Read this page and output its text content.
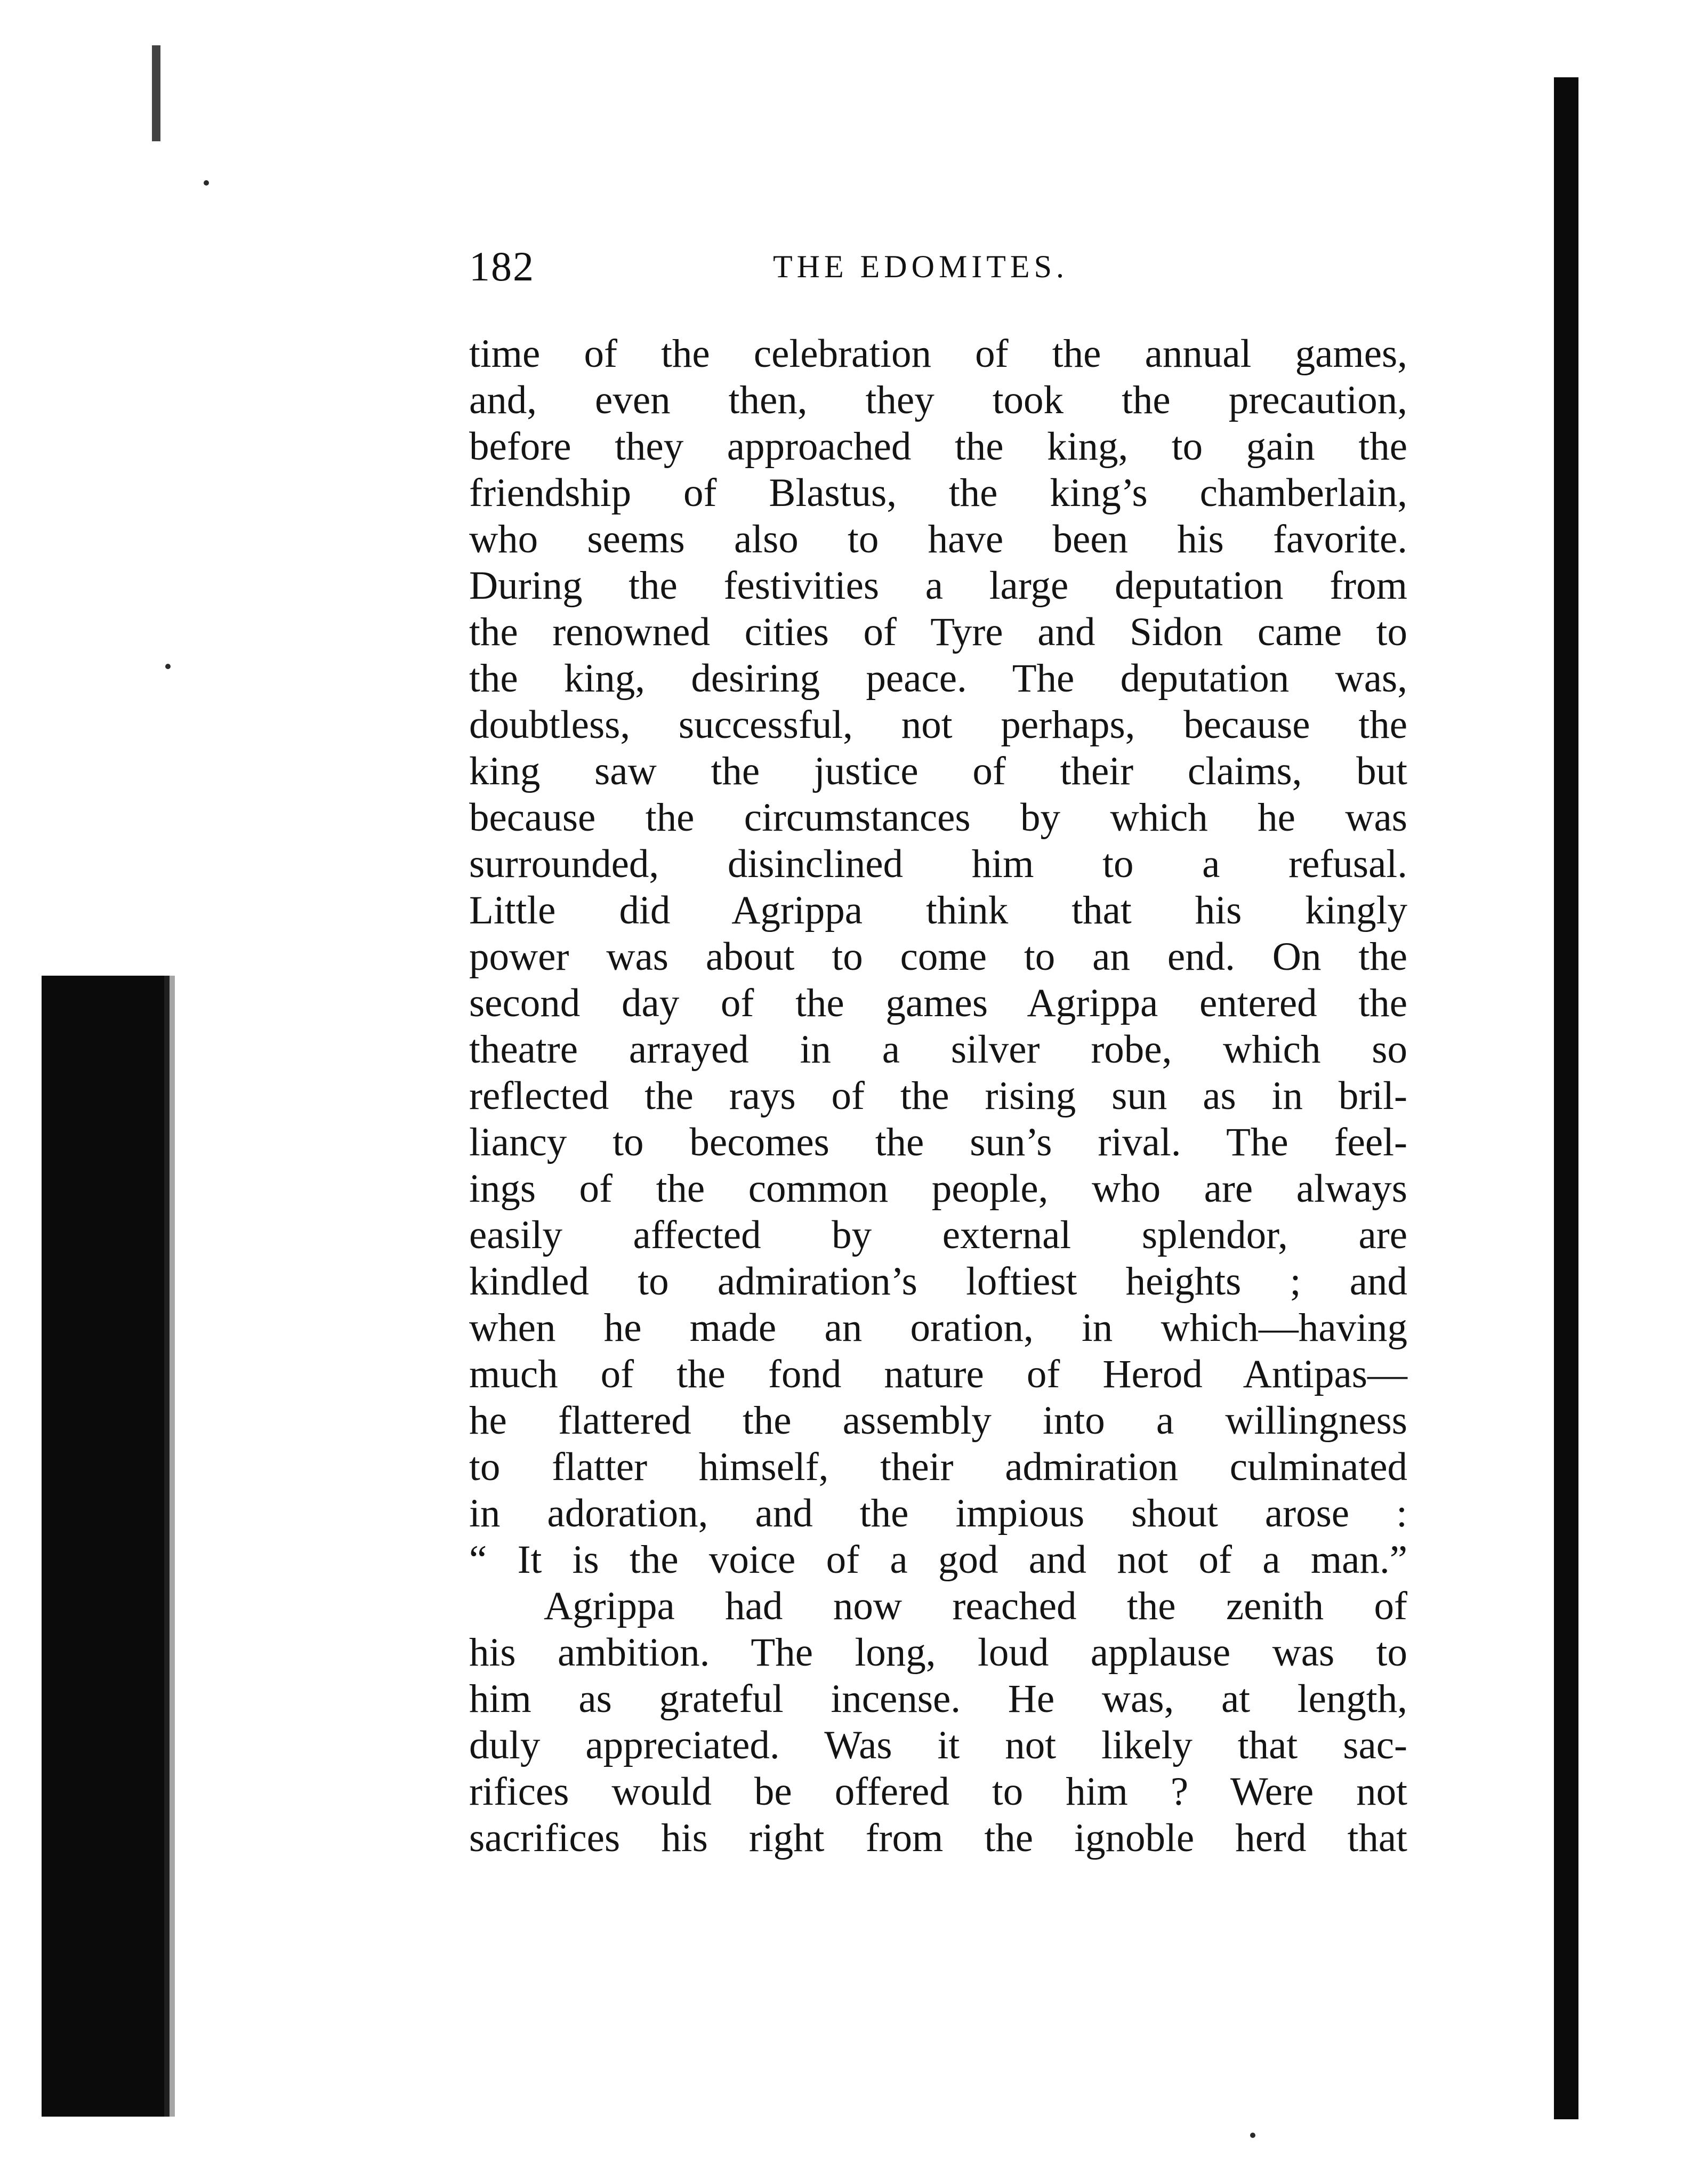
182	THE EDOMITES.
time of the celebration of the annual games,
and, even then, they took the precaution,
before they approached the king, to gain the
friendship of Blastus, the king’s chamberlain,
who seems also to have been his favorite.
During the festivities a large deputation from
the renowned cities of Tyre and Sidon came to
the king, desiring peace. The deputation was,
doubtless, successful, not perhaps, because the
king saw the justice of their claims, but
because the circumstances by which he was
surrounded, disinclined him to a refusal.
Little did Agrippa think that his kingly
power was about to come to an end. On the
second day of the games Agrippa entered the
theatre arrayed in a silver robe, which so
reflected the rays of the rising sun as in bril-
liancy to becomes the sun’s rival. The feel-
ings of the common people, who are always
easily affected by external splendor, are
kindled to admiration’s loftiest heights ; and
when he made an oration, in which—having
much of the fond nature of Herod Antipas—
he flattered the assembly into a willingness
to flatter himself, their admiration culminated
in adoration, and the impious shout arose :
“ It is the voice of a god and not of a man.”
Agrippa had now reached the zenith of
his ambition. The long, loud applause was to
him as grateful incense. He was, at length,
duly appreciated. Was it not likely that sac-
rifices would be offered to him ? Were not
sacrifices his right from the ignoble herd that
